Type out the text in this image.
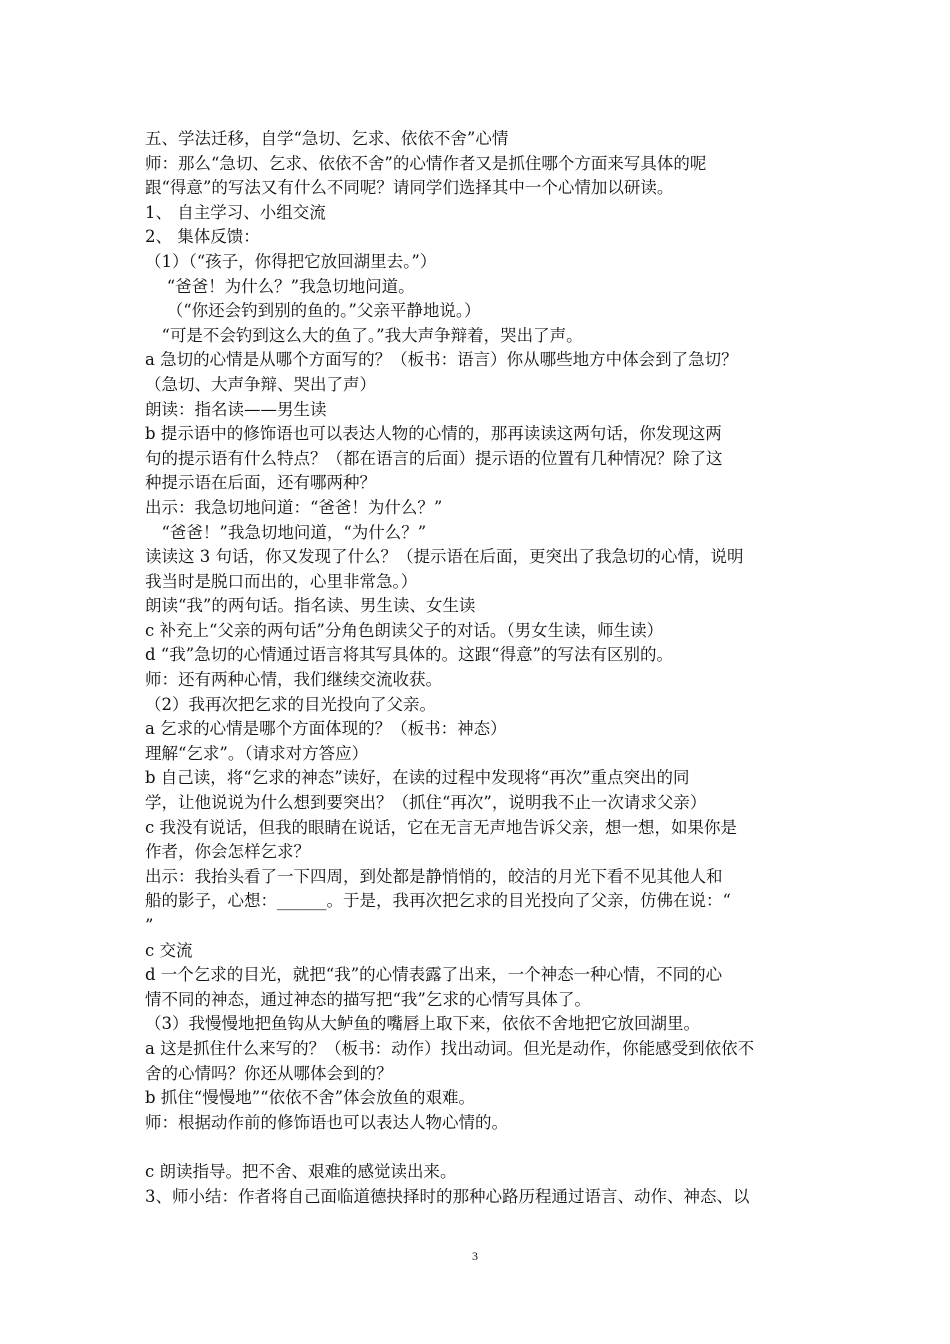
五、学法迁移，自学“急切、乞求、依依不舍”心情
师：那么“急切、乞求、依依不舍”的心情作者又是抓住哪个方面来写具体的呢
跟“得意”的写法又有什么不同呢？请同学们选择其中一个心情加以研读。
1、 自主学习、小组交流
2、 集体反馈：
（1）（“孩子，你得把它放回湖里去。”）
　 “爸爸！为什么？”我急切地问道。
　 （“你还会钓到别的鱼的。”父亲平静地说。）
　“可是不会钓到这么大的鱼了。”我大声争辩着，哭出了声。
a 急切的心情是从哪个方面写的？（板书：语言）你从哪些地方中体会到了急切？
（急切、大声争辩、哭出了声）
朗读：指名读——男生读
b 提示语中的修饰语也可以表达人物的心情的，那再读读这两句话，你发现这两
句的提示语有什么特点？（都在语言的后面）提示语的位置有几种情况？除了这
种提示语在后面，还有哪两种？
出示：我急切地问道：“爸爸！为什么？”
　“爸爸！”我急切地问道，“为什么？”
读读这 3 句话，你又发现了什么？（提示语在后面，更突出了我急切的心情，说明
我当时是脱口而出的，心里非常急。）
朗读“我”的两句话。指名读、男生读、女生读
c 补充上“父亲的两句话”分角色朗读父子的对话。（男女生读，师生读）
d “我”急切的心情通过语言将其写具体的。这跟“得意”的写法有区别的。
师：还有两种心情，我们继续交流收获。
（2）我再次把乞求的目光投向了父亲。
a 乞求的心情是哪个方面体现的？（板书：神态）
理解“乞求”。（请求对方答应）
b 自己读，将“乞求的神态”读好，在读的过程中发现将“再次”重点突出的同
学，让他说说为什么想到要突出？（抓住“再次”，说明我不止一次请求父亲）
c 我没有说话，但我的眼睛在说话，它在无言无声地告诉父亲，想一想，如果你是
作者，你会怎样乞求？
出示：我抬头看了一下四周，到处都是静悄悄的，皎洁的月光下看不见其他人和
船的影子，心想：______。于是，我再次把乞求的目光投向了父亲，仿佛在说：“
”
c 交流
d 一个乞求的目光，就把“我”的心情表露了出来，一个神态一种心情，不同的心
情不同的神态，通过神态的描写把“我”乞求的心情写具体了。
（3）我慢慢地把鱼钩从大鲈鱼的嘴唇上取下来，依依不舍地把它放回湖里。
a 这是抓住什么来写的？（板书：动作）找出动词。但光是动作，你能感受到依依不
舍的心情吗？你还从哪体会到的？
b 抓住“慢慢地”“依依不舍”体会放鱼的艰难。
师：根据动作前的修饰语也可以表达人物心情的。
c 朗读指导。把不舍、艰难的感觉读出来。
3、师小结：作者将自己面临道德抉择时的那种心路历程通过语言、动作、神态、以
3
